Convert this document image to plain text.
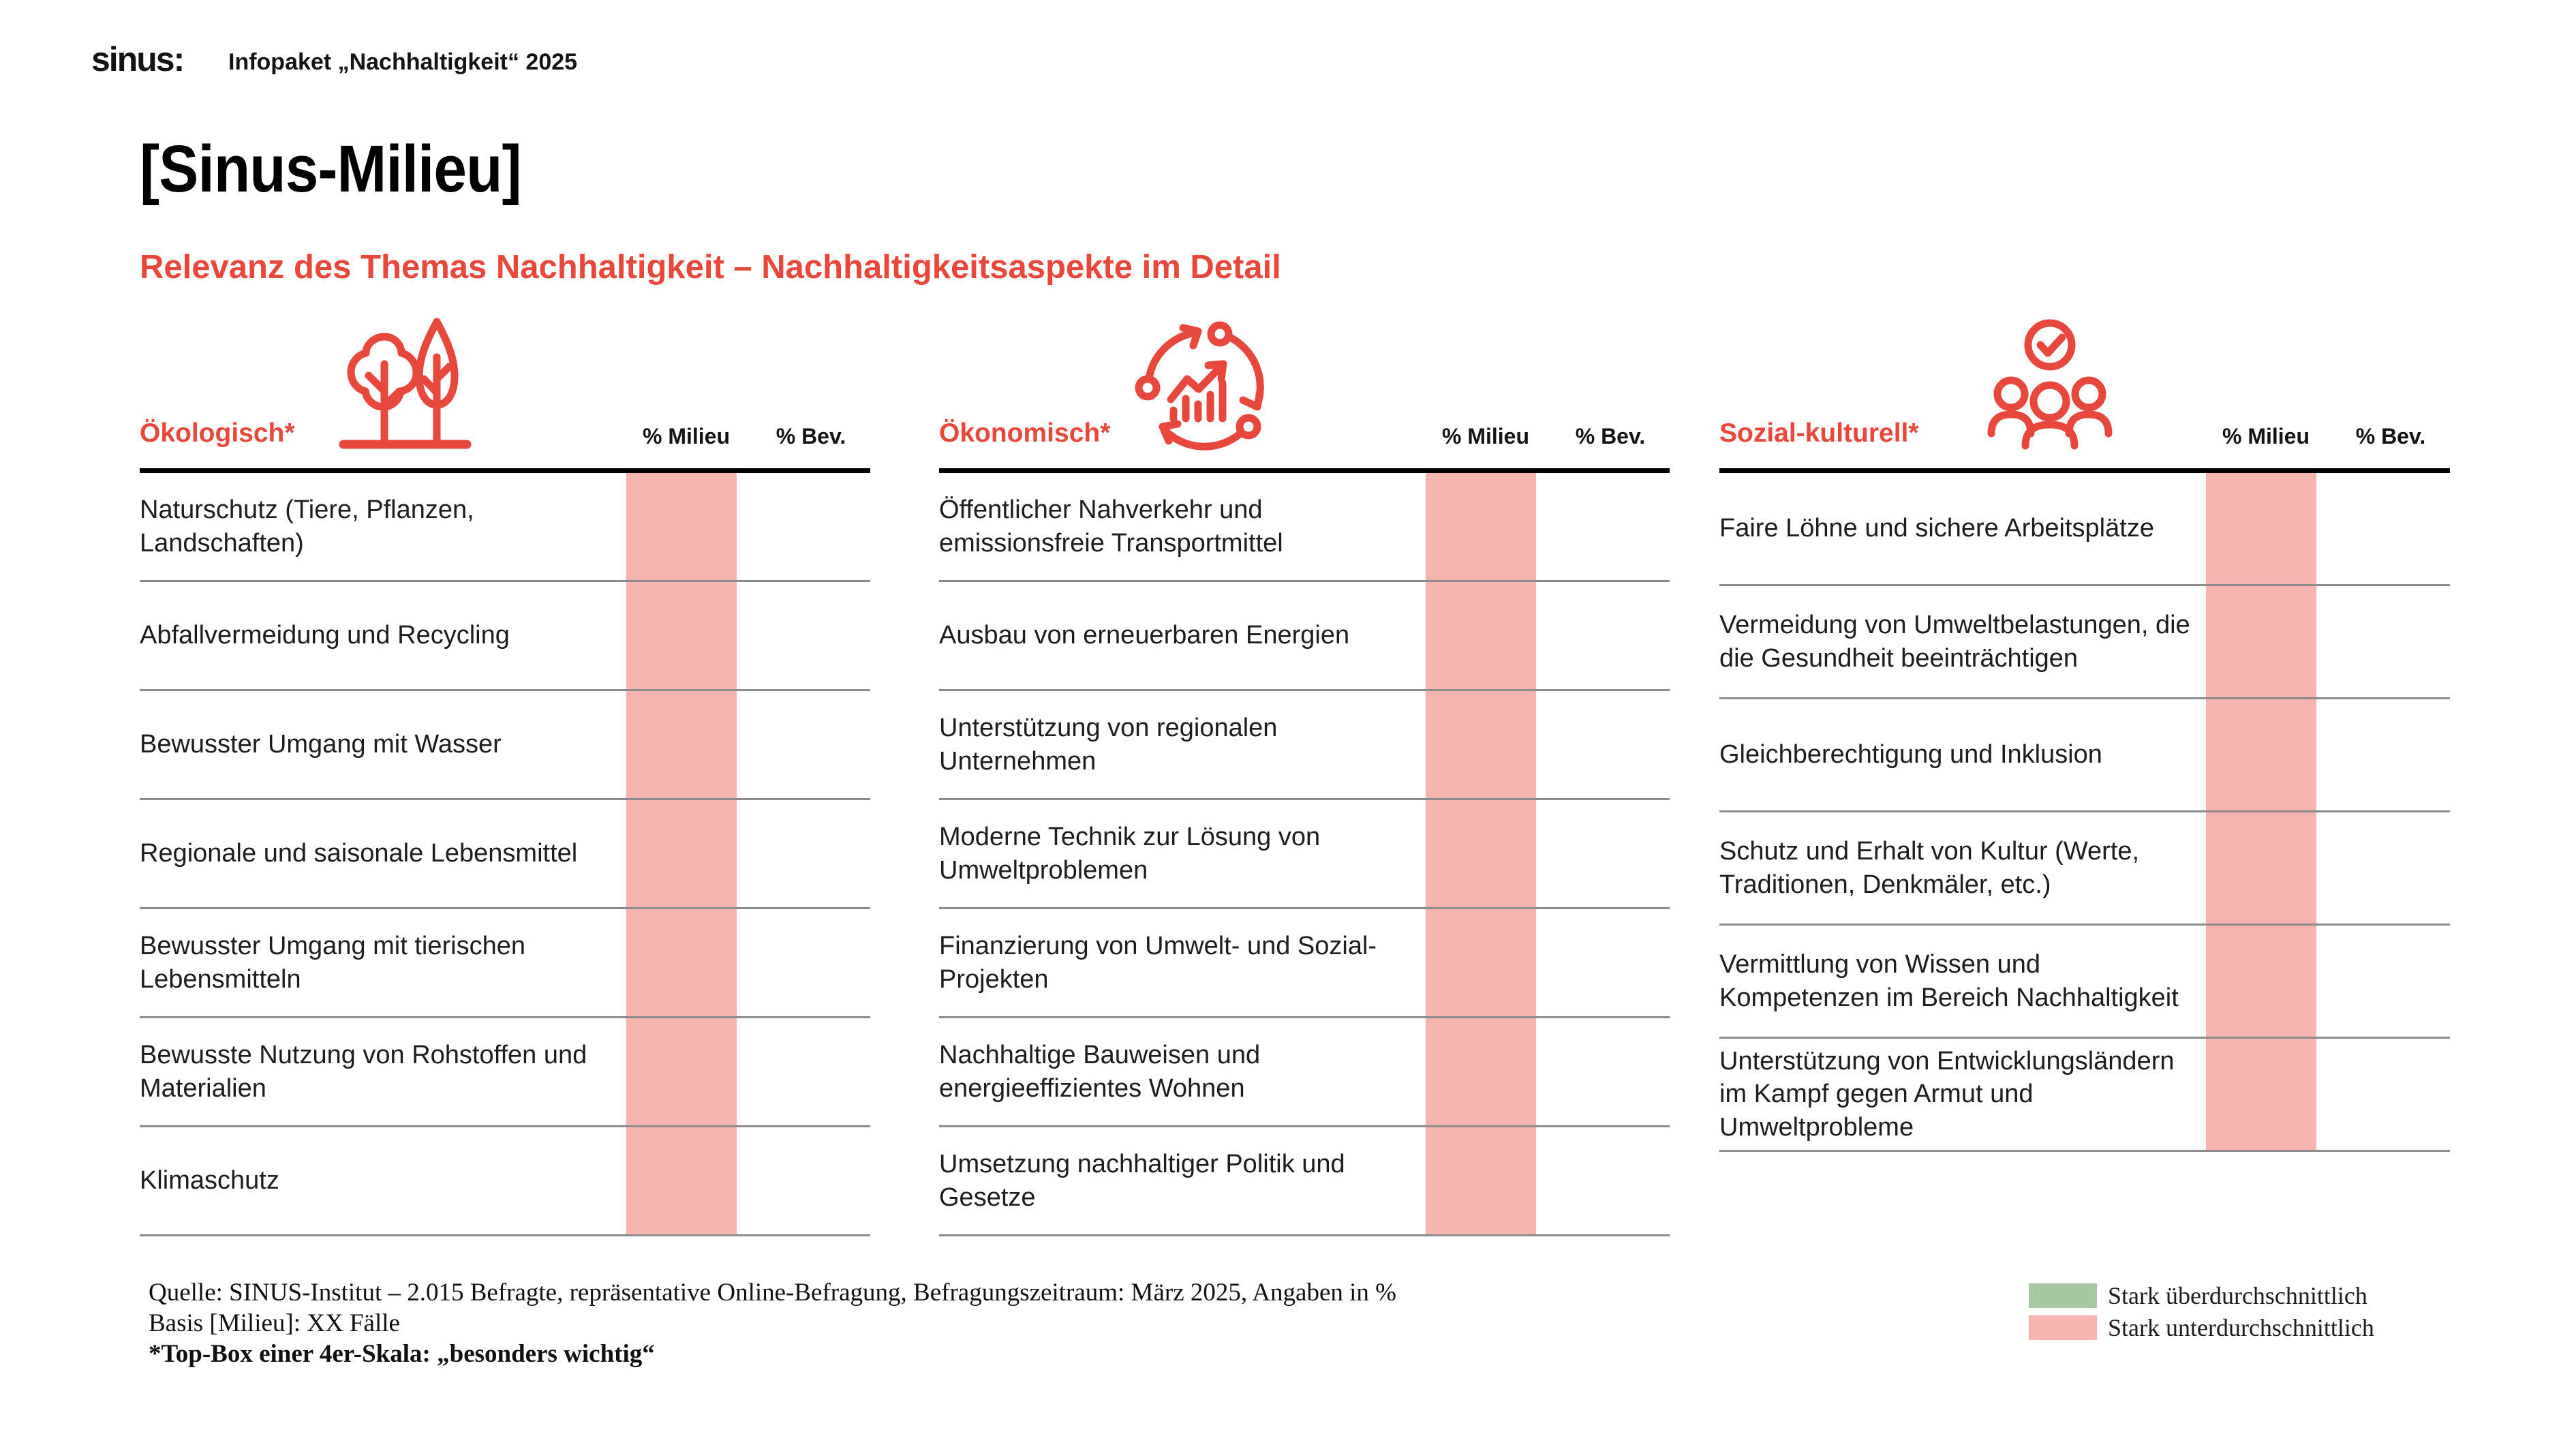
sinus: Infopaket „Nachhaltigkeit“ 2025
[Sinus-Milieu]
Relevanz des Themas Nachhaltigkeit – Nachhaltigkeitsaspekte im Detail
Ökologisch*	% Milieu % Bev.
Naturschutz (Tiere, Pflanzen, Landschaften)
Abfallvermeidung und Recycling
Bewusster Umgang mit Wasser
Regionale und saisonale Lebensmittel
Bewusster Umgang mit tierischen Lebensmitteln
Bewusste Nutzung von Rohstoffen und Materialien
Klimaschutz
Ökonomisch*	% Milieu % Bev.
Öffentlicher Nahverkehr und emissionsfreie Transportmittel
Ausbau von erneuerbaren Energien
Unterstützung von regionalen Unternehmen
Moderne Technik zur Lösung von Umweltproblemen
Finanzierung von Umwelt- und Sozial-Projekten
Nachhaltige Bauweisen und energieeffizientes Wohnen
Umsetzung nachhaltiger Politik und Gesetze
Sozial-kulturell*	% Milieu % Bev.
Faire Löhne und sichere Arbeitsplätze
Vermeidung von Umweltbelastungen, die die Gesundheit beeinträchtigen
Gleichberechtigung und Inklusion
Schutz und Erhalt von Kultur (Werte, Traditionen, Denkmäler, etc.)
Vermittlung von Wissen und Kompetenzen im Bereich Nachhaltigkeit
Unterstützung von Entwicklungsländern im Kampf gegen Armut und Umweltprobleme
Quelle: SINUS-Institut – 2.015 Befragte, repräsentative Online-Befragung, Befragungszeitraum: März 2025, Angaben in %
Basis [Milieu]: XX Fälle
*Top-Box einer 4er-Skala: „besonders wichtig“
Stark überdurchschnittlich
Stark unterdurchschnittlich
